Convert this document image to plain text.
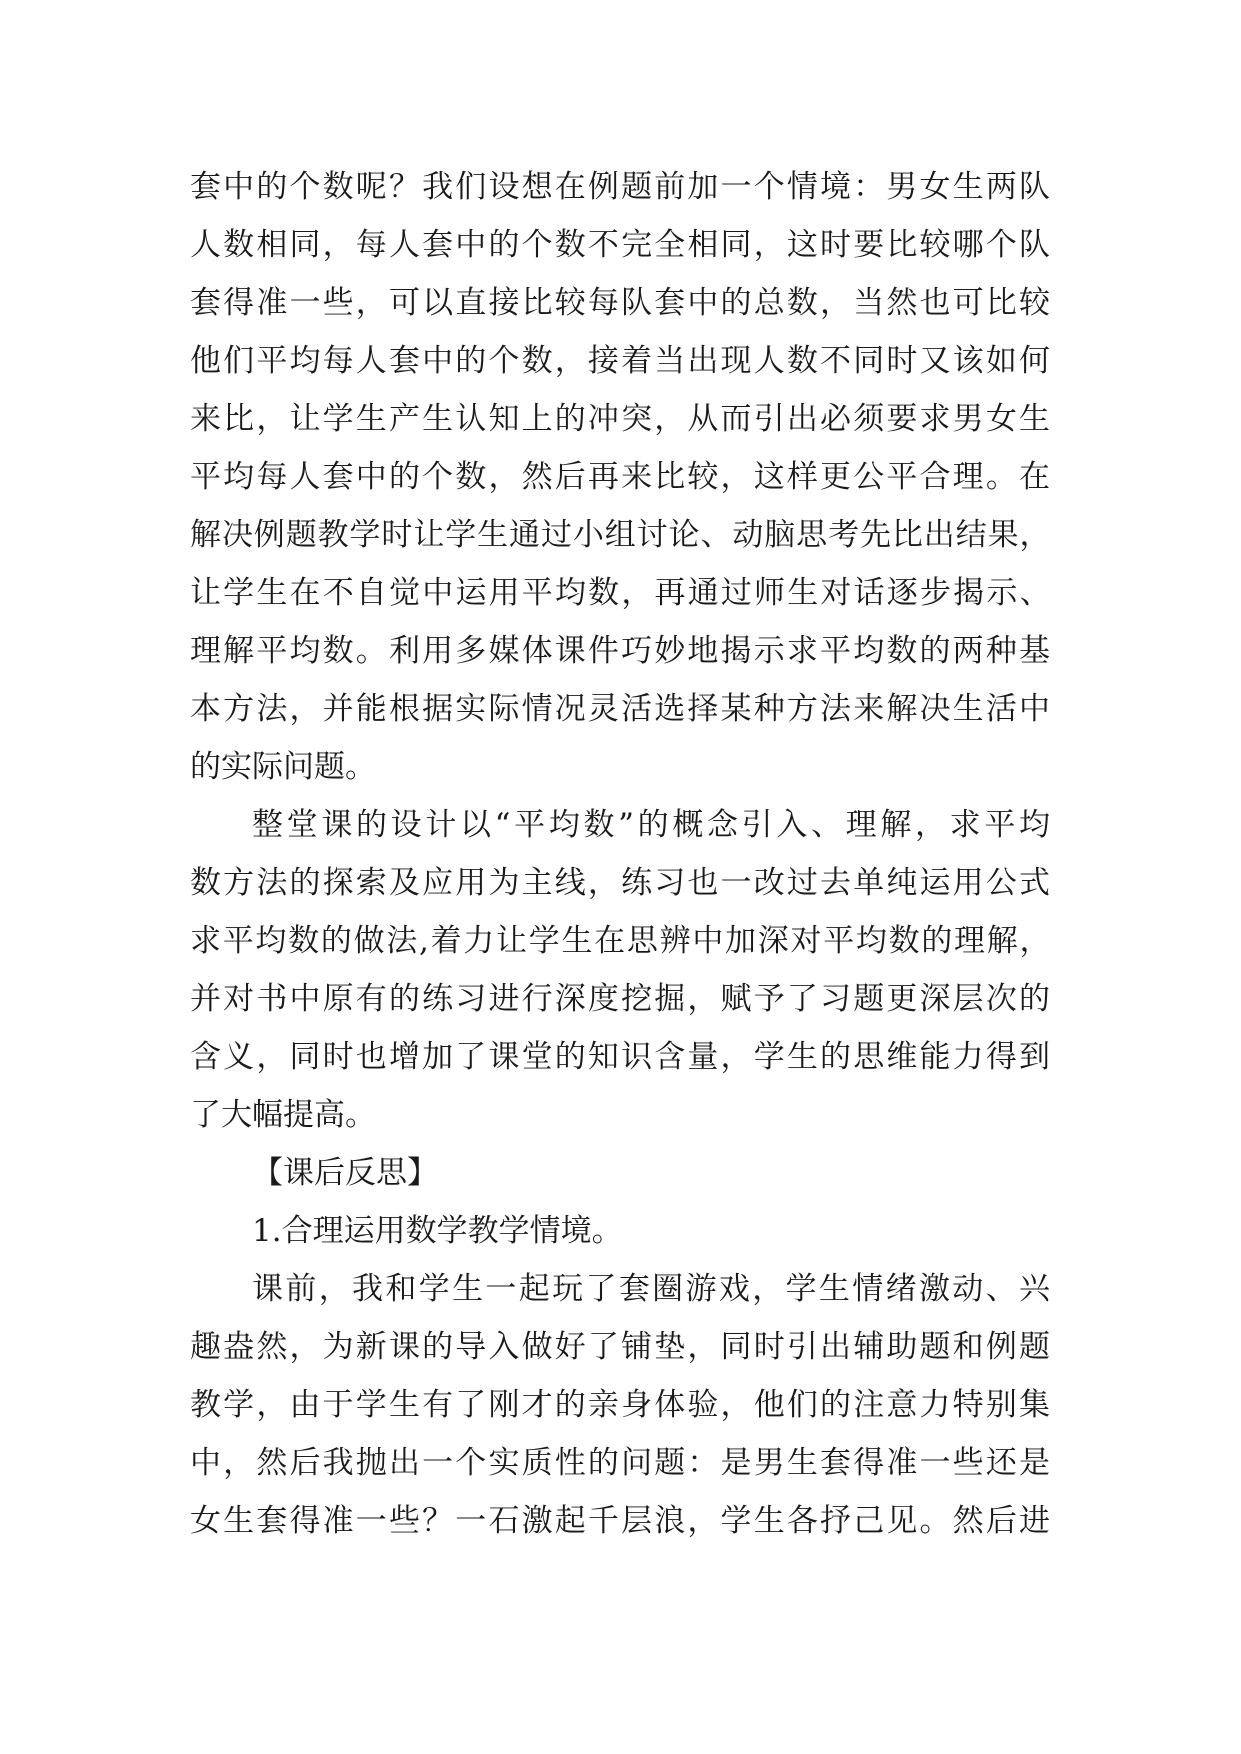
套中的个数呢？我们设想在例题前加一个情境：男女生两队
人数相同，每人套中的个数不完全相同，这时要比较哪个队
套得准一些，可以直接比较每队套中的总数，当然也可比较
他们平均每人套中的个数，接着当出现人数不同时又该如何
来比，让学生产生认知上的冲突，从而引出必须要求男女生
平均每人套中的个数，然后再来比较，这样更公平合理。在
解决例题教学时让学生通过小组讨论、动脑思考先比出结果，
让学生在不自觉中运用平均数，再通过师生对话逐步揭示、
理解平均数。利用多媒体课件巧妙地揭示求平均数的两种基
本方法，并能根据实际情况灵活选择某种方法来解决生活中
的实际问题。
整堂课的设计以“平均数”的概念引入、理解，求平均
数方法的探索及应用为主线，练习也一改过去单纯运用公式
求平均数的做法,着力让学生在思辨中加深对平均数的理解，
并对书中原有的练习进行深度挖掘，赋予了习题更深层次的
含义，同时也增加了课堂的知识含量，学生的思维能力得到
了大幅提高。
【课后反思】
1.合理运用数学教学情境。
课前，我和学生一起玩了套圈游戏，学生情绪激动、兴
趣盎然，为新课的导入做好了铺垫，同时引出辅助题和例题
教学，由于学生有了刚才的亲身体验，他们的注意力特别集
中，然后我抛出一个实质性的问题：是男生套得准一些还是
女生套得准一些？一石激起千层浪，学生各抒己见。然后进
